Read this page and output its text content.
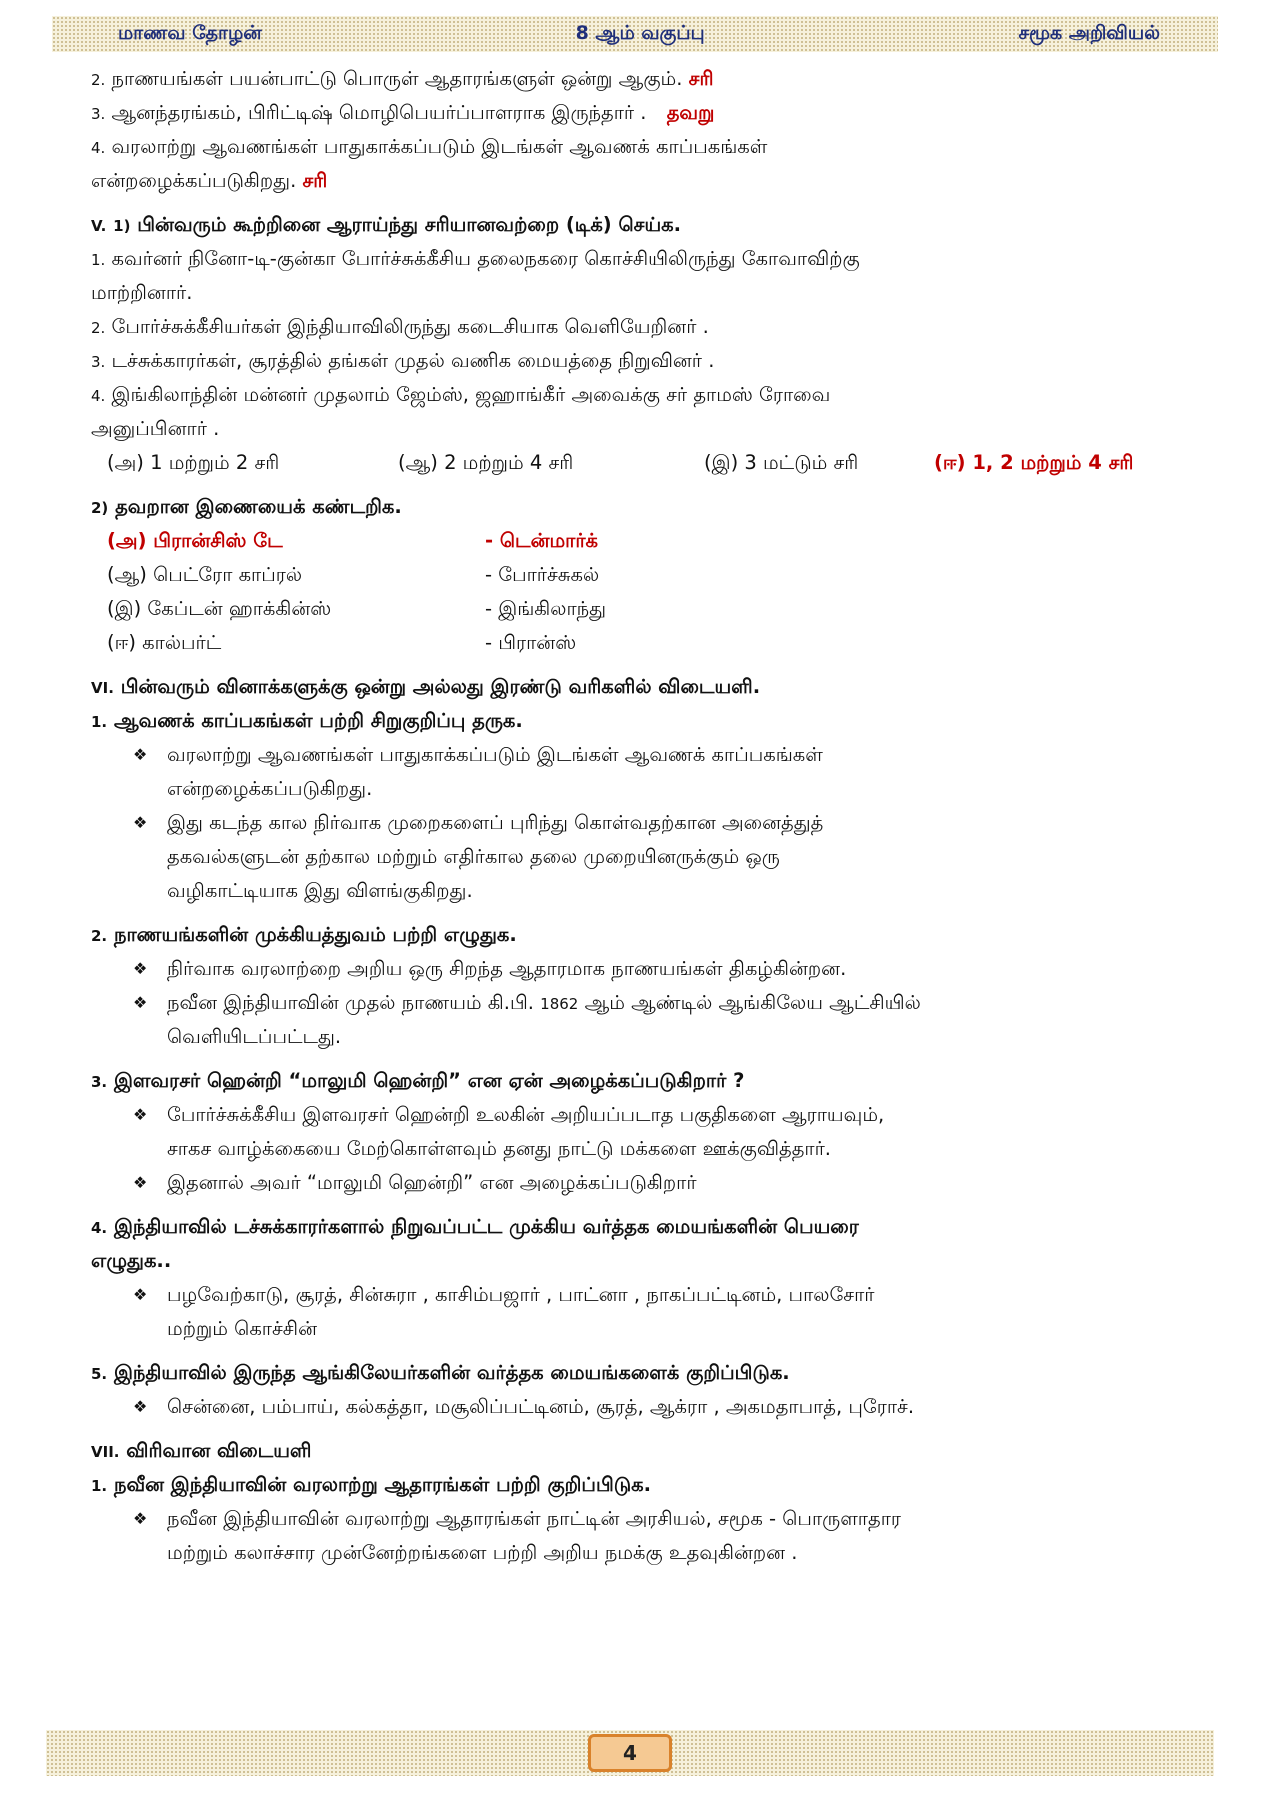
மாணவ தோழன்	8 ஆம் வகுப்பு	சமூக அறிவியல்
2. நாணயங்கள் பயன்பாட்டு பொருள் ஆதாரங்களுள் ஒன்று ஆகும். சரி
3. ஆனந்தரங்கம், பிரிட்டிஷ் மொழிபெயர்ப்பாளராக இருந்தார் . தவறு
4. வரலாற்று ஆவணங்கள் பாதுகாக்கப்படும் இடங்கள் ஆவணக் காப்பகங்கள்
என்றழைக்கப்படுகிறது. சரி
V. 1) பின்வரும் கூற்றினை ஆராய்ந்து சரியானவற்றை (டிக்) செய்க.
1. கவர்னர் நினோ-டி-குன்கா போர்ச்சுக்கீசிய தலைநகரை கொச்சியிலிருந்து கோவாவிற்கு
மாற்றினார்.
2. போர்ச்சுக்கீசியர்கள் இந்தியாவிலிருந்து கடைசியாக வெளியேறினர் .
3. டச்சுக்காரர்கள், சூரத்தில் தங்கள் முதல் வணிக மையத்தை நிறுவினர் .
4. இங்கிலாந்தின் மன்னர் முதலாம் ஜேம்ஸ், ஜஹாங்கீர் அவைக்கு சர் தாமஸ் ரோவை
அனுப்பினார் .
(அ) 1 மற்றும் 2 சரி	(ஆ) 2 மற்றும் 4 சரி	(இ) 3 மட்டும் சரி	(ஈ) 1, 2 மற்றும் 4 சரி
2) தவறான இணையைக் கண்டறிக.
(அ) பிரான்சிஸ் டே	- டென்மார்க்
(ஆ) பெட்ரோ காப்ரல்	- போர்ச்சுகல்
(இ) கேப்டன் ஹாக்கின்ஸ்	- இங்கிலாந்து
(ஈ) கால்பர்ட்	- பிரான்ஸ்
VI. பின்வரும் வினாக்களுக்கு ஒன்று அல்லது இரண்டு வரிகளில் விடையளி.
1. ஆவணக் காப்பகங்கள் பற்றி சிறுகுறிப்பு தருக.
❖ வரலாற்று ஆவணங்கள் பாதுகாக்கப்படும் இடங்கள் ஆவணக் காப்பகங்கள்
என்றழைக்கப்படுகிறது.
❖ இது கடந்த கால நிர்வாக முறைகளைப் புரிந்து கொள்வதற்கான அனைத்துத்
தகவல்களுடன் தற்கால மற்றும் எதிர்கால தலை முறையினருக்கும் ஒரு
வழிகாட்டியாக இது விளங்குகிறது.
2. நாணயங்களின் முக்கியத்துவம் பற்றி எழுதுக.
❖ நிர்வாக வரலாற்றை அறிய ஒரு சிறந்த ஆதாரமாக நாணயங்கள் திகழ்கின்றன.
❖ நவீன இந்தியாவின் முதல் நாணயம் கி.பி. 1862 ஆம் ஆண்டில் ஆங்கிலேய ஆட்சியில்
வெளியிடப்பட்டது.
3. இளவரசர் ஹென்றி “மாலுமி ஹென்றி” என ஏன் அழைக்கப்படுகிறார் ?
❖ போர்ச்சுக்கீசிய இளவரசர் ஹென்றி உலகின் அறியப்படாத பகுதிகளை ஆராயவும்,
சாகச வாழ்க்கையை மேற்கொள்ளவும் தனது நாட்டு மக்களை ஊக்குவித்தார்.
❖ இதனால் அவர் “மாலுமி ஹென்றி” என அழைக்கப்படுகிறார்
4. இந்தியாவில் டச்சுக்காரர்களால் நிறுவப்பட்ட முக்கிய வர்த்தக மையங்களின் பெயரை
எழுதுக..
❖ பழவேற்காடு, சூரத், சின்சுரா , காசிம்பஜார் , பாட்னா , நாகப்பட்டினம், பாலசோர்
மற்றும் கொச்சின்
5. இந்தியாவில் இருந்த ஆங்கிலேயர்களின் வர்த்தக மையங்களைக் குறிப்பிடுக.
❖ சென்னை, பம்பாய், கல்கத்தா, மசூலிப்பட்டினம், சூரத், ஆக்ரா , அகமதாபாத், புரோச்.
VII. விரிவான விடையளி
1. நவீன இந்தியாவின் வரலாற்று ஆதாரங்கள் பற்றி குறிப்பிடுக.
❖ நவீன இந்தியாவின் வரலாற்று ஆதாரங்கள் நாட்டின் அரசியல், சமூக - பொருளாதார
மற்றும் கலாச்சார முன்னேற்றங்களை பற்றி அறிய நமக்கு உதவுகின்றன .
4
